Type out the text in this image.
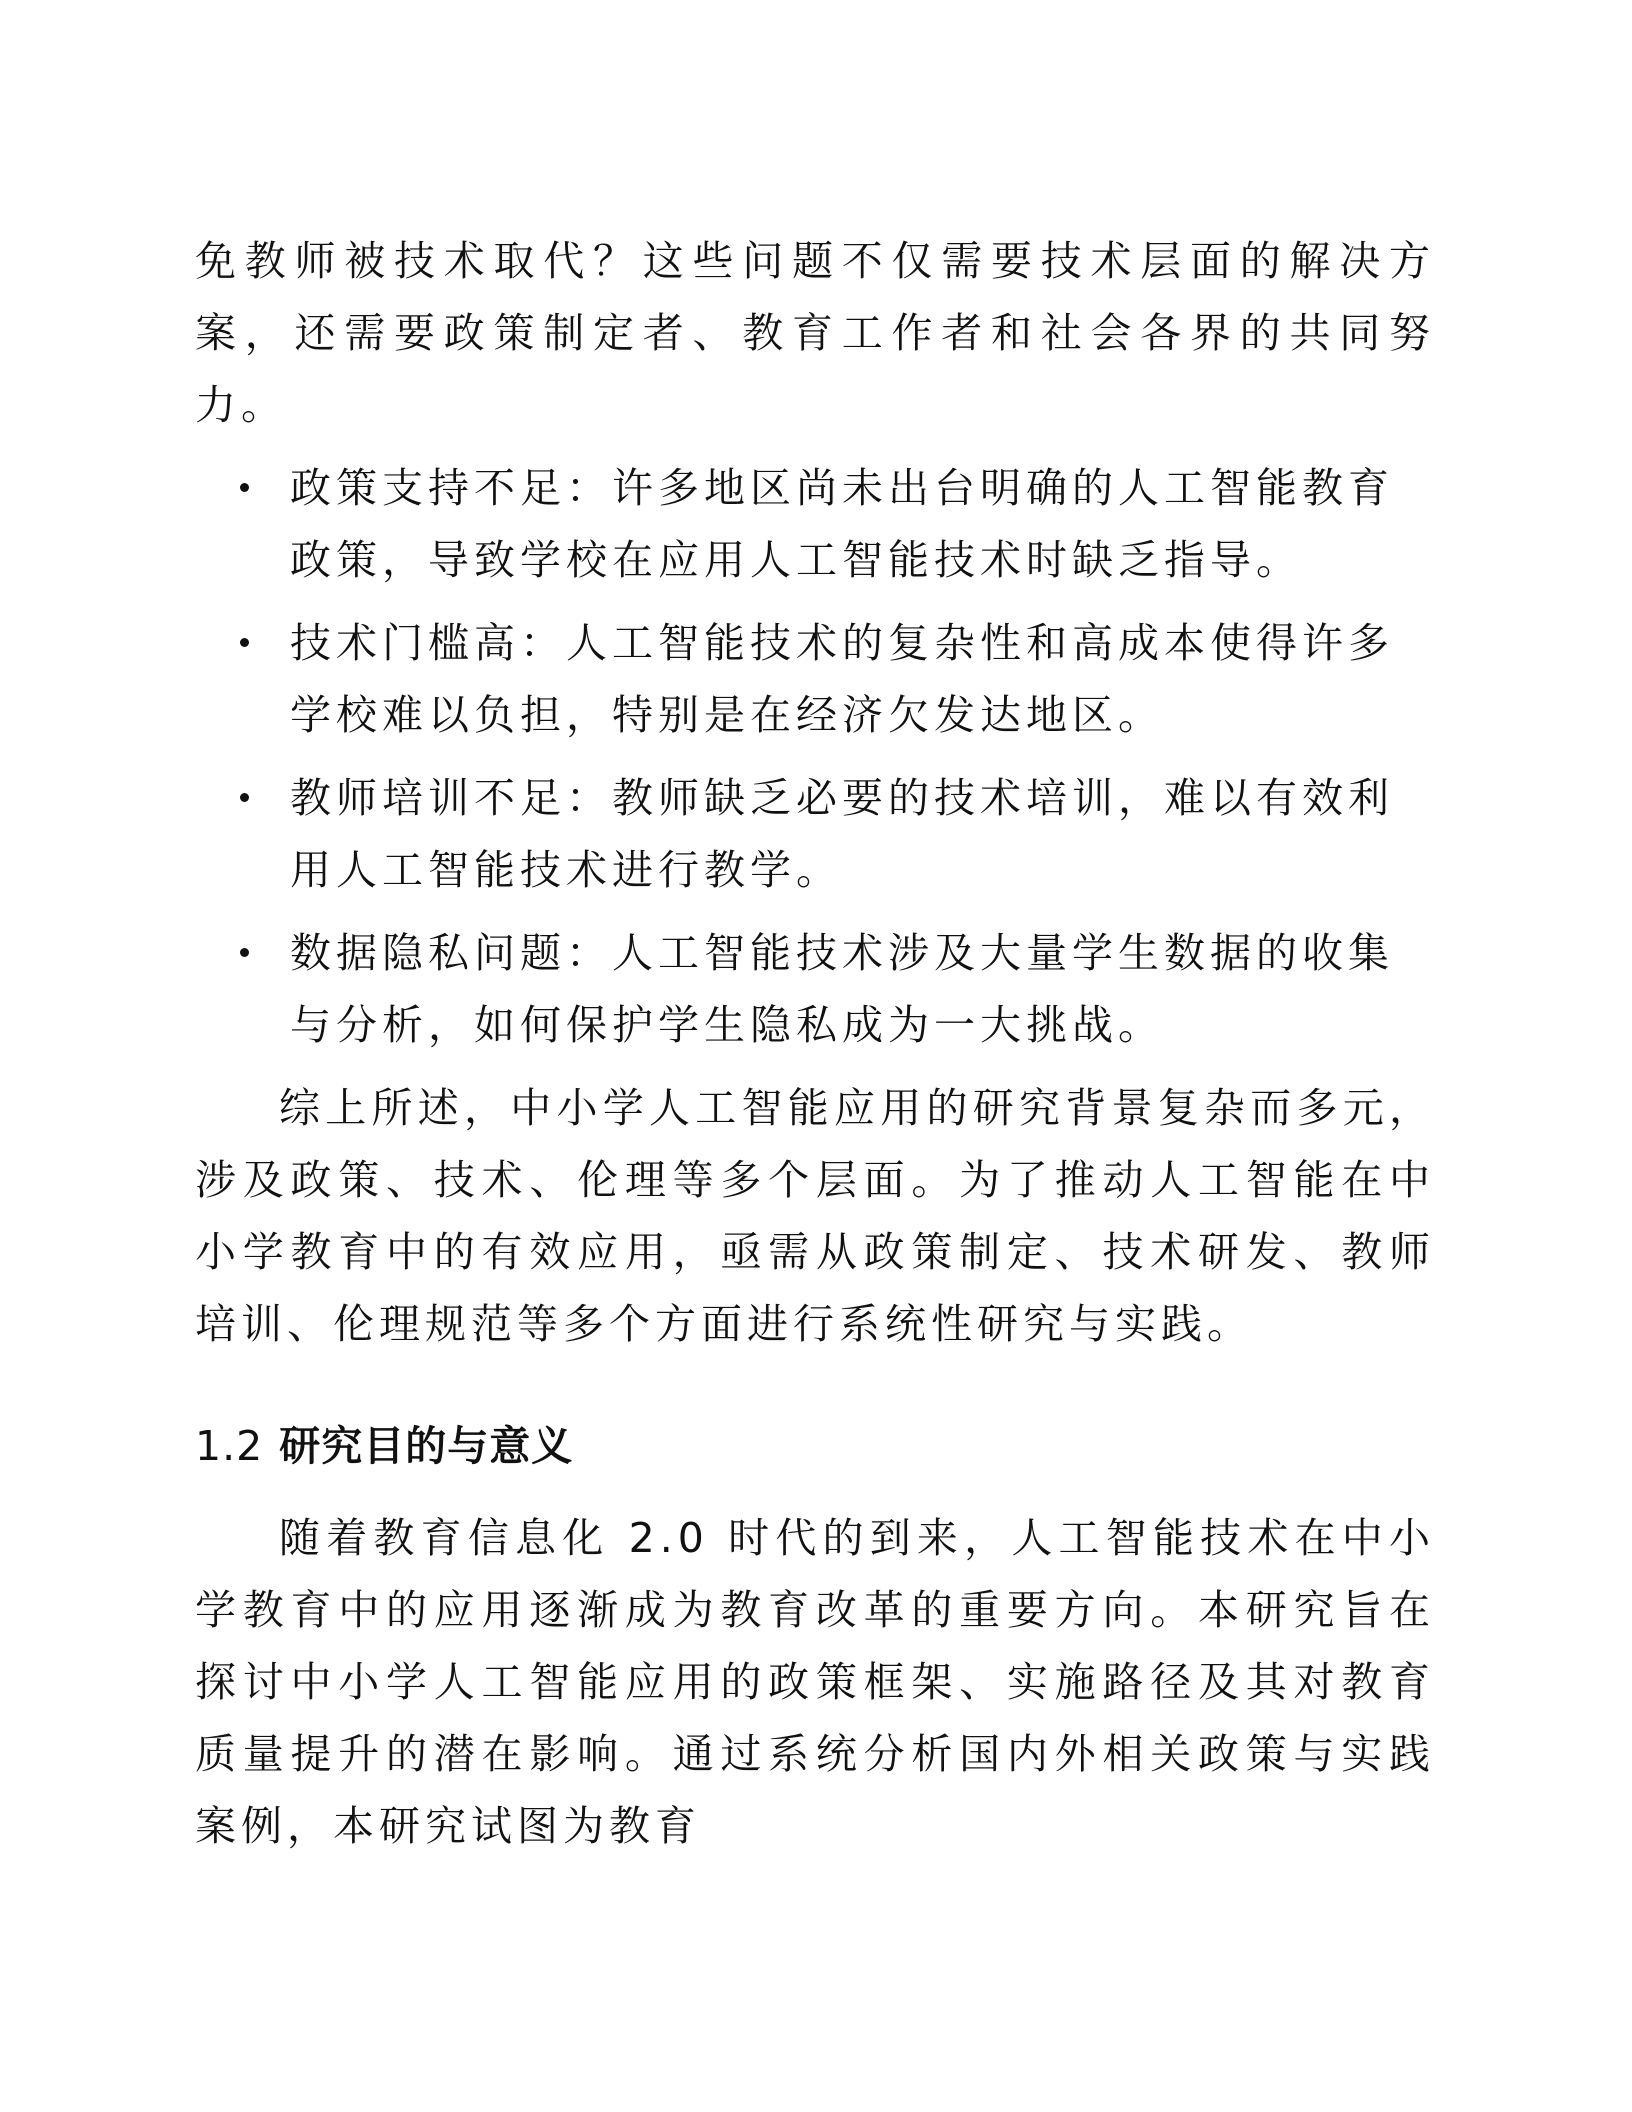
免教师被技术取代？这些问题不仅需要技术层面的解决方案，还需要政策制定者、教育工作者和社会各界的共同努力。

政策支持不足：许多地区尚未出台明确的人工智能教育政策，导致学校在应用人工智能技术时缺乏指导。
技术门槛高：人工智能技术的复杂性和高成本使得许多学校难以负担，特别是在经济欠发达地区。
教师培训不足：教师缺乏必要的技术培训，难以有效利用人工智能技术进行教学。
数据隐私问题：人工智能技术涉及大量学生数据的收集与分析，如何保护学生隐私成为一大挑战。

综上所述，中小学人工智能应用的研究背景复杂而多元，涉及政策、技术、伦理等多个层面。为了推动人工智能在中小学教育中的有效应用，亟需从政策制定、技术研发、教师培训、伦理规范等多个方面进行系统性研究与实践。

1.2 研究目的与意义

随着教育信息化 2.0 时代的到来，人工智能技术在中小学教育中的应用逐渐成为教育改革的重要方向。本研究旨在探讨中小学人工智能应用的政策框架、实施路径及其对教育质量提升的潜在影响。通过系统分析国内外相关政策与实践案例，本研究试图为教育
